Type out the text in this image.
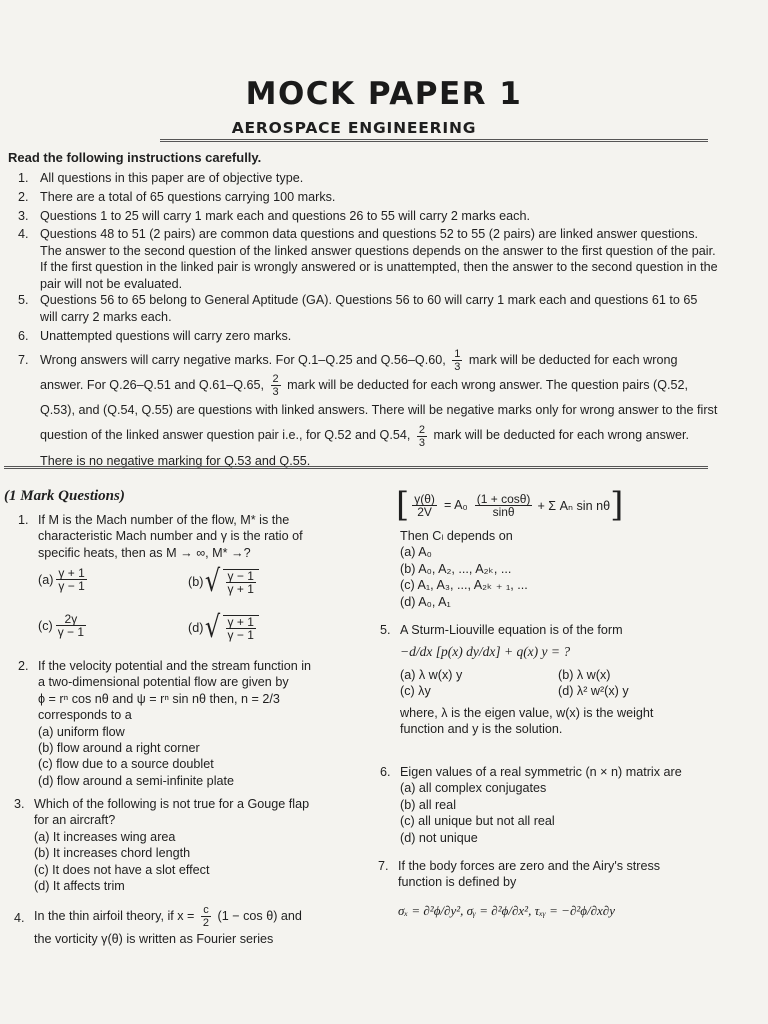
MOCK PAPER 1
AEROSPACE ENGINEERING
Read the following instructions carefully.
1. All questions in this paper are of objective type.
2. There are a total of 65 questions carrying 100 marks.
3. Questions 1 to 25 will carry 1 mark each and questions 26 to 55 will carry 2 marks each.
4. Questions 48 to 51 (2 pairs) are common data questions and questions 52 to 55 (2 pairs) are linked answer questions. The answer to the second question of the linked answer questions depends on the answer to the first question of the pair. If the first question in the linked pair is wrongly answered or is unattempted, then the answer to the second question in the pair will not be evaluated.
5. Questions 56 to 65 belong to General Aptitude (GA). Questions 56 to 60 will carry 1 mark each and questions 61 to 65 will carry 2 marks each.
6. Unattempted questions will carry zero marks.
7. Wrong answers will carry negative marks. For Q.1–Q.25 and Q.56–Q.60, $\frac{1}{3}$ mark will be deducted for each wrong answer. For Q.26–Q.51 and Q.61–Q.65, $\frac{2}{3}$ mark will be deducted for each wrong answer. The question pairs (Q.52, Q.53), and (Q.54, Q.55) are questions with linked answers. There will be negative marks only for wrong answer to the first question of the linked answer question pair i.e., for Q.52 and Q.54, $\frac{2}{3}$ mark will be deducted for each wrong answer. There is no negative marking for Q.53 and Q.55.
(1 Mark Questions)
1. If M is the Mach number of the flow, M* is the characteristic Mach number and γ is the ratio of specific heats, then as M → ∞, M* →?
$(a) \frac{\gamma + 1}{\gamma - 1}$	(b) √ $\frac{\gamma - 1}{\gamma + 1}$
$(c) \frac{2\gamma}{\gamma - 1}$	(d) √ $\frac{\gamma + 1}{\gamma - 1}$
2. If the velocity potential and the stream function in
a two-dimensional potential flow are given by
ϕ = rⁿ cos nθ and ψ = rⁿ sin nθ then, n = 2/3
corresponds to a
(a) uniform flow
(b) flow around a right corner
(c) flow due to a source doublet
(d) flow around a semi-infinite plate
3. Which of the following is not true for a Gouge flap
for an aircraft?
(a) It increases wing area
(b) It increases chord length
(c) It does not have a slot effect
(d) It affects trim
4. In the thin airfoil theory, if $x = \frac{c}{2} (1 - \cos \theta)$ and
the vorticity γ(θ) is written as Fourier series
[ $\frac{\gamma(\theta)}{2V} = A_0 \frac{(1 + \cos\theta)}{\sin\theta} + \Sigma$ Aₙ sin nθ ]
Then Cₗ depends on
(a) A₀
(b) A₀, A₂, ..., A₂ₖ, ...
(c) A₁, A₃, ..., A₂ₖ ₊ ₁, ...
(d) A₀, A₁
5. A Sturm-Liouville equation is of the form
−d/dx [p(x) dy/dx] + q(x) y = ?
(a) λ w(x) y	(b) λ w(x)
(c) λy	(d) λ² w²(x) y
where, λ is the eigen value, w(x) is the weight
function and y is the solution.
6. Eigen values of a real symmetric (n × n) matrix are
(a) all complex conjugates
(b) all real
(c) all unique but not all real
(d) not unique
7. If the body forces are zero and the Airy's stress
function is defined by
σₓ = ∂²ϕ/∂y², σᵧ = ∂²ϕ/∂x², τₓᵧ = −∂²ϕ/∂x∂y
